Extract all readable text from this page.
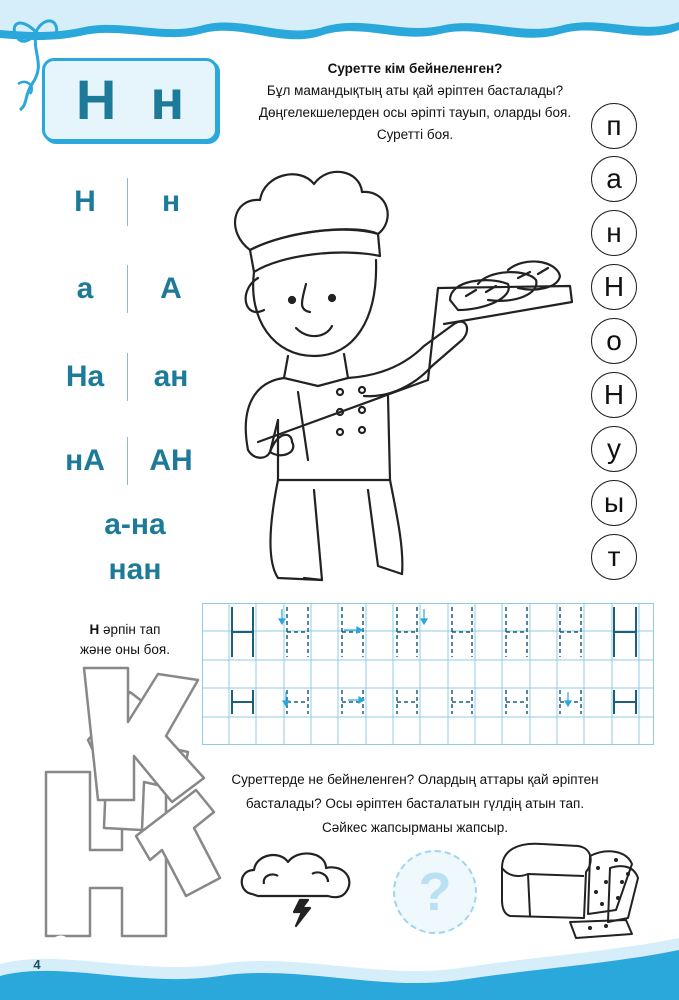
Н н	Суретте кім бейнеленген?
Бұл мамандықтың аты қай әріптен басталады?
Дөңгелекшелерден осы әріпті тауып, оларды боя.
Суретті боя.
Н	н
а	А
На	ан
нА	АН
а-на
нан
п
а
н
Н
о
Н
у
ы
т
Н әрпін тап
және оны боя.
Суреттерде не бейнеленген? Олардың аттары қай әріптен
басталады? Осы әріптен басталатын гүлдің атын тап.
Сәйкес жапсырманы жапсыр.
?
4
